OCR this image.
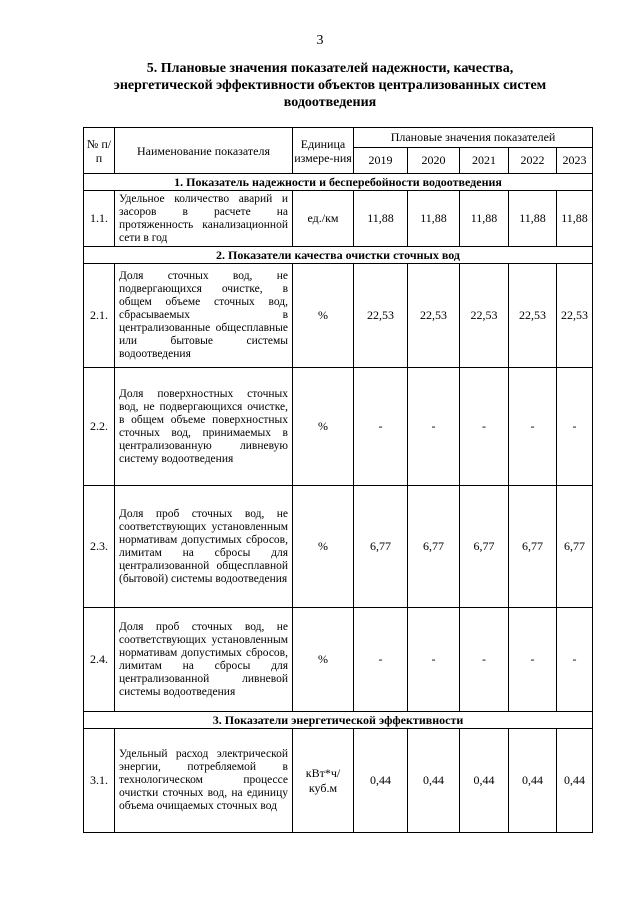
3
5. Плановые значения показателей надежности, качества, энергетической эффективности объектов централизованных систем водоотведения
№ п/п	Наименование показателя	Единица измере-ния	Плановые значения показателей				
			2019	2020	2021	2022	2023
1. Показатель надежности и бесперебойности водоотведения							
1.1.	Удельное количество аварий и засоров в расчете на протяженность канализационной сети в год	ед./км	11,88	11,88	11,88	11,88	11,88
2. Показатели качества очистки сточных вод							
2.1.	Доля сточных вод, не подвергающихся очистке, в общем объеме сточных вод, сбрасываемых в централизованные общесплавные или бытовые системы водоотведения	%	22,53	22,53	22,53	22,53	22,53
2.2.	Доля поверхностных сточных вод, не подвергающихся очистке, в общем объеме поверхностных сточных вод, принимаемых в централизованную ливневую систему водоотведения	%	-	-	-	-	-
2.3.	Доля проб сточных вод, не соответствующих установленным нормативам допустимых сбросов, лимитам на сбросы для централизованной общесплавной (бытовой) системы водоотведения	%	6,77	6,77	6,77	6,77	6,77
2.4.	Доля проб сточных вод, не соответствующих установленным нормативам допустимых сбросов, лимитам на сбросы для централизованной ливневой системы водоотведения	%	-	-	-	-	-
3. Показатели энергетической эффективности							
3.1.	Удельный расход электрической энергии, потребляемой в технологическом процессе очистки сточных вод, на единицу объема очищаемых сточных вод	кВт*ч/ куб.м	0,44	0,44	0,44	0,44	0,44
